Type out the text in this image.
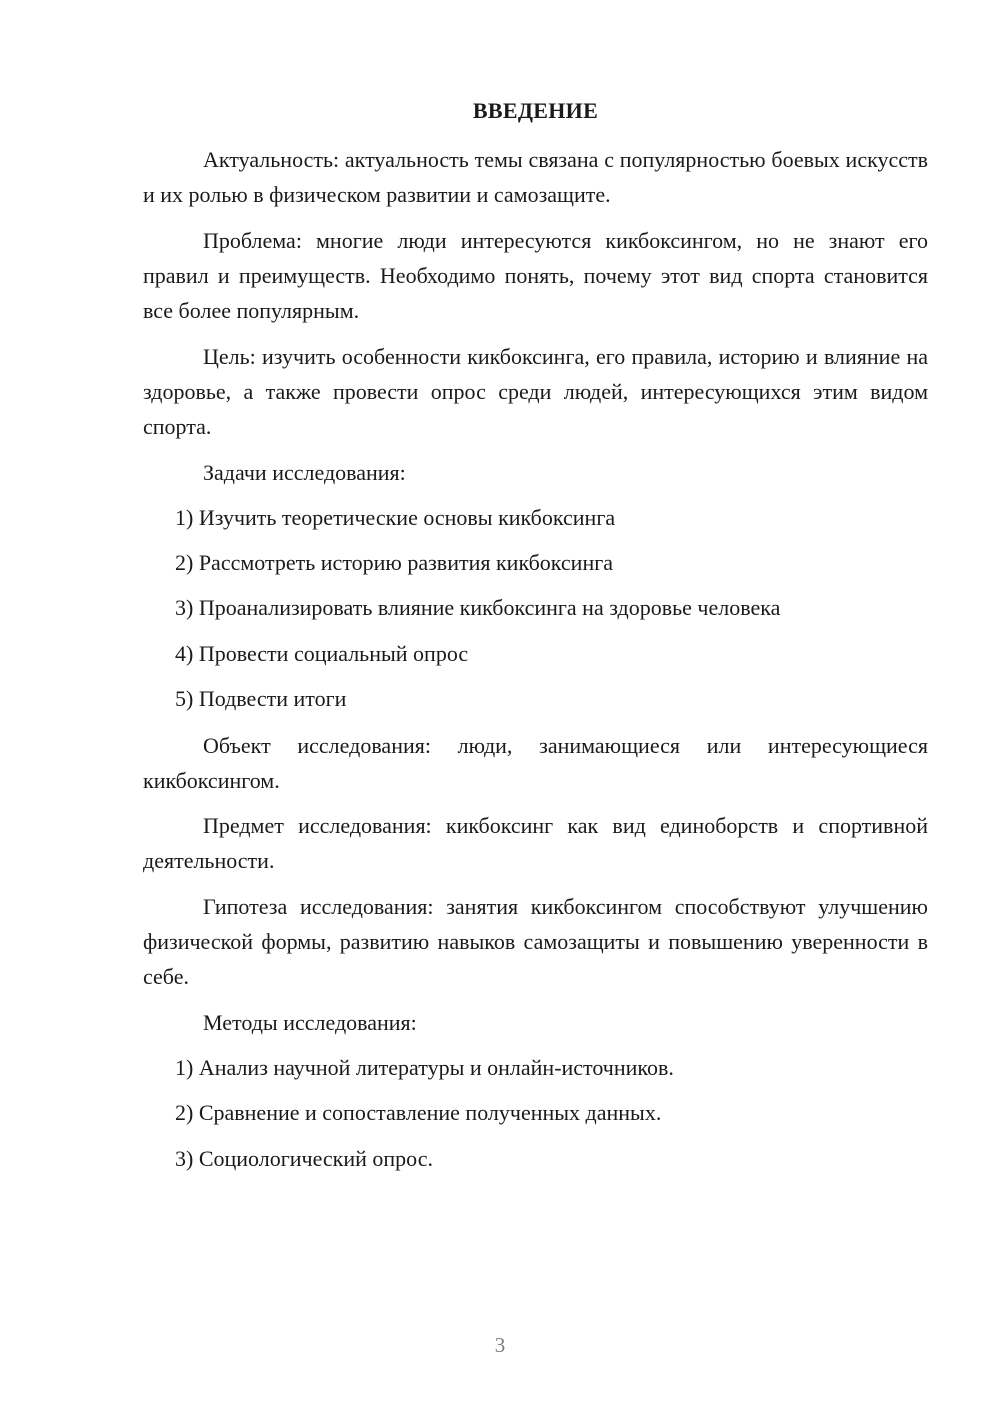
ВВЕДЕНИЕ

Актуальность: актуальность темы связана с популярностью боевых искусств и их ролью в физическом развитии и самозащите.

Проблема: многие люди интересуются кикбоксингом, но не знают его правил и преимуществ. Необходимо понять, почему этот вид спорта становится все более популярным.

Цель: изучить особенности кикбоксинга, его правила, историю и влияние на здоровье, а также провести опрос среди людей, интересующихся этим видом спорта.

Задачи исследования:

1) Изучить теоретические основы кикбоксинга

2) Рассмотреть историю развития кикбоксинга

3) Проанализировать влияние кикбоксинга на здоровье человека

4) Провести социальный опрос

5) Подвести итоги

Объект исследования: люди, занимающиеся или интересующиеся кикбоксингом.

Предмет исследования: кикбоксинг как вид единоборств и спортивной деятельности.

Гипотеза исследования: занятия кикбоксингом способствуют улучшению физической формы, развитию навыков самозащиты и повышению уверенности в себе.

Методы исследования:

1) Анализ научной литературы и онлайн-источников.

2) Сравнение и сопоставление полученных данных.

3) Социологический опрос.

3
